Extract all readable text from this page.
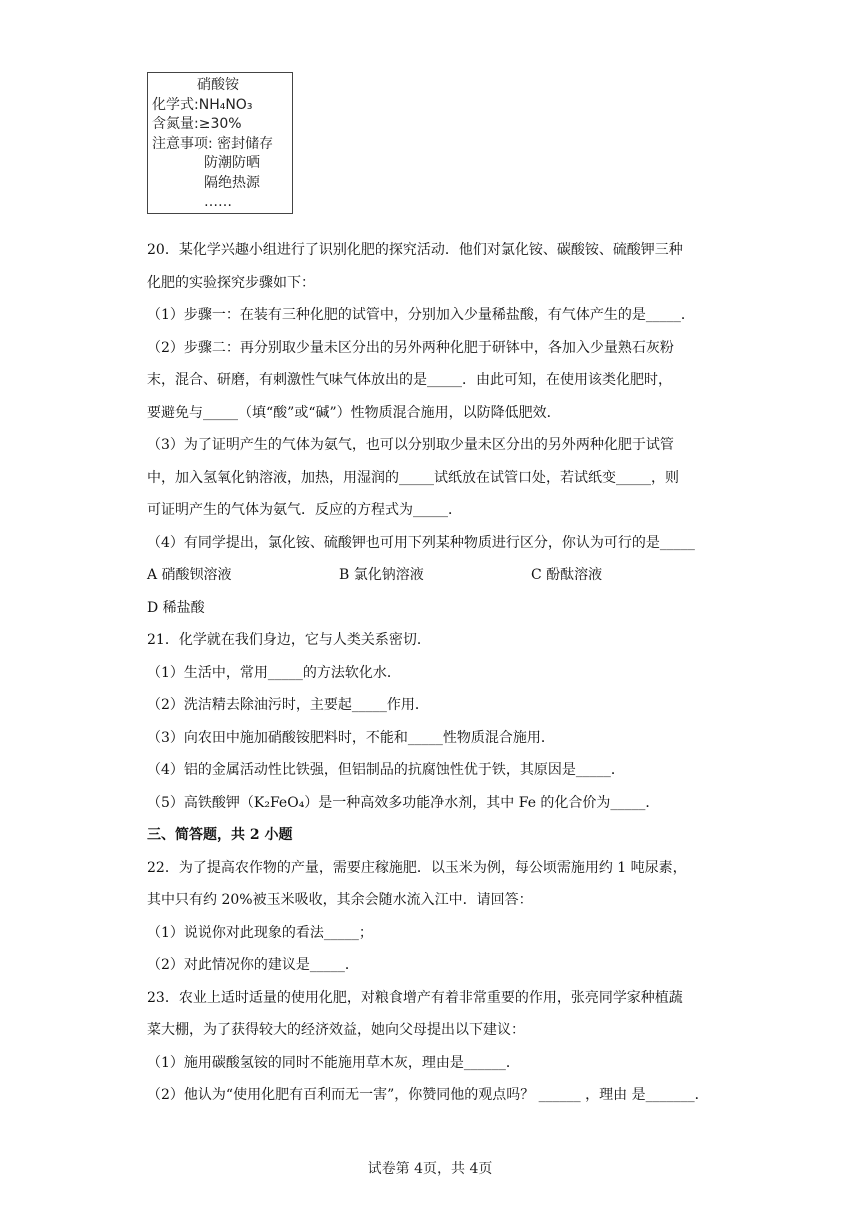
硝酸铵
化学式:NH₄NO₃
含氮量:≥30%
注意事项: 密封储存
防潮防晒
隔绝热源
……

20．某化学兴趣小组进行了识别化肥的探究活动．他们对氯化铵、碳酸铵、硫酸钾三种

化肥的实验探究步骤如下：

（1）步骤一：在装有三种化肥的试管中，分别加入少量稀盐酸，有气体产生的是_____．

（2）步骤二：再分别取少量未区分出的另外两种化肥于研钵中，各加入少量熟石灰粉

末，混合、研磨，有刺激性气味气体放出的是_____．由此可知，在使用该类化肥时，

要避免与_____（填“酸”或“碱”）性物质混合施用，以防降低肥效．

（3）为了证明产生的气体为氨气，也可以分别取少量未区分出的另外两种化肥于试管

中，加入氢氧化钠溶液，加热，用湿润的_____试纸放在试管口处，若试纸变_____，则

可证明产生的气体为氨气．反应的方程式为_____．

（4）有同学提出，氯化铵、硫酸钾也可用下列某种物质进行区分，你认为可行的是_____

A 硝酸钡溶液	B 氯化钠溶液	C 酚酞溶液

D 稀盐酸

21．化学就在我们身边，它与人类关系密切．

（1）生活中，常用_____的方法软化水．

（2）洗洁精去除油污时，主要起_____作用．

（3）向农田中施加硝酸铵肥料时，不能和_____性物质混合施用．

（4）铝的金属活动性比铁强，但铝制品的抗腐蚀性优于铁，其原因是_____．

（5）高铁酸钾（K₂FeO₄）是一种高效多功能净水剂，其中 Fe 的化合价为_____．

三、简答题，共 2 小题

22．为了提高农作物的产量，需要庄稼施肥．以玉米为例，每公顷需施用约 1 吨尿素，

其中只有约 20%被玉米吸收，其余会随水流入江中．请回答：

（1）说说你对此现象的看法_____；

（2）对此情况你的建议是_____．

23．农业上适时适量的使用化肥，对粮食增产有着非常重要的作用，张亮同学家种植蔬

菜大棚，为了获得较大的经济效益，她向父母提出以下建议：

（1）施用碳酸氢铵的同时不能施用草木灰，理由是______．

（2）他认为“使用化肥有百利而无一害”，你赞同他的观点吗？ ______ ，理由 是_______．

试卷第 4页，共 4页
